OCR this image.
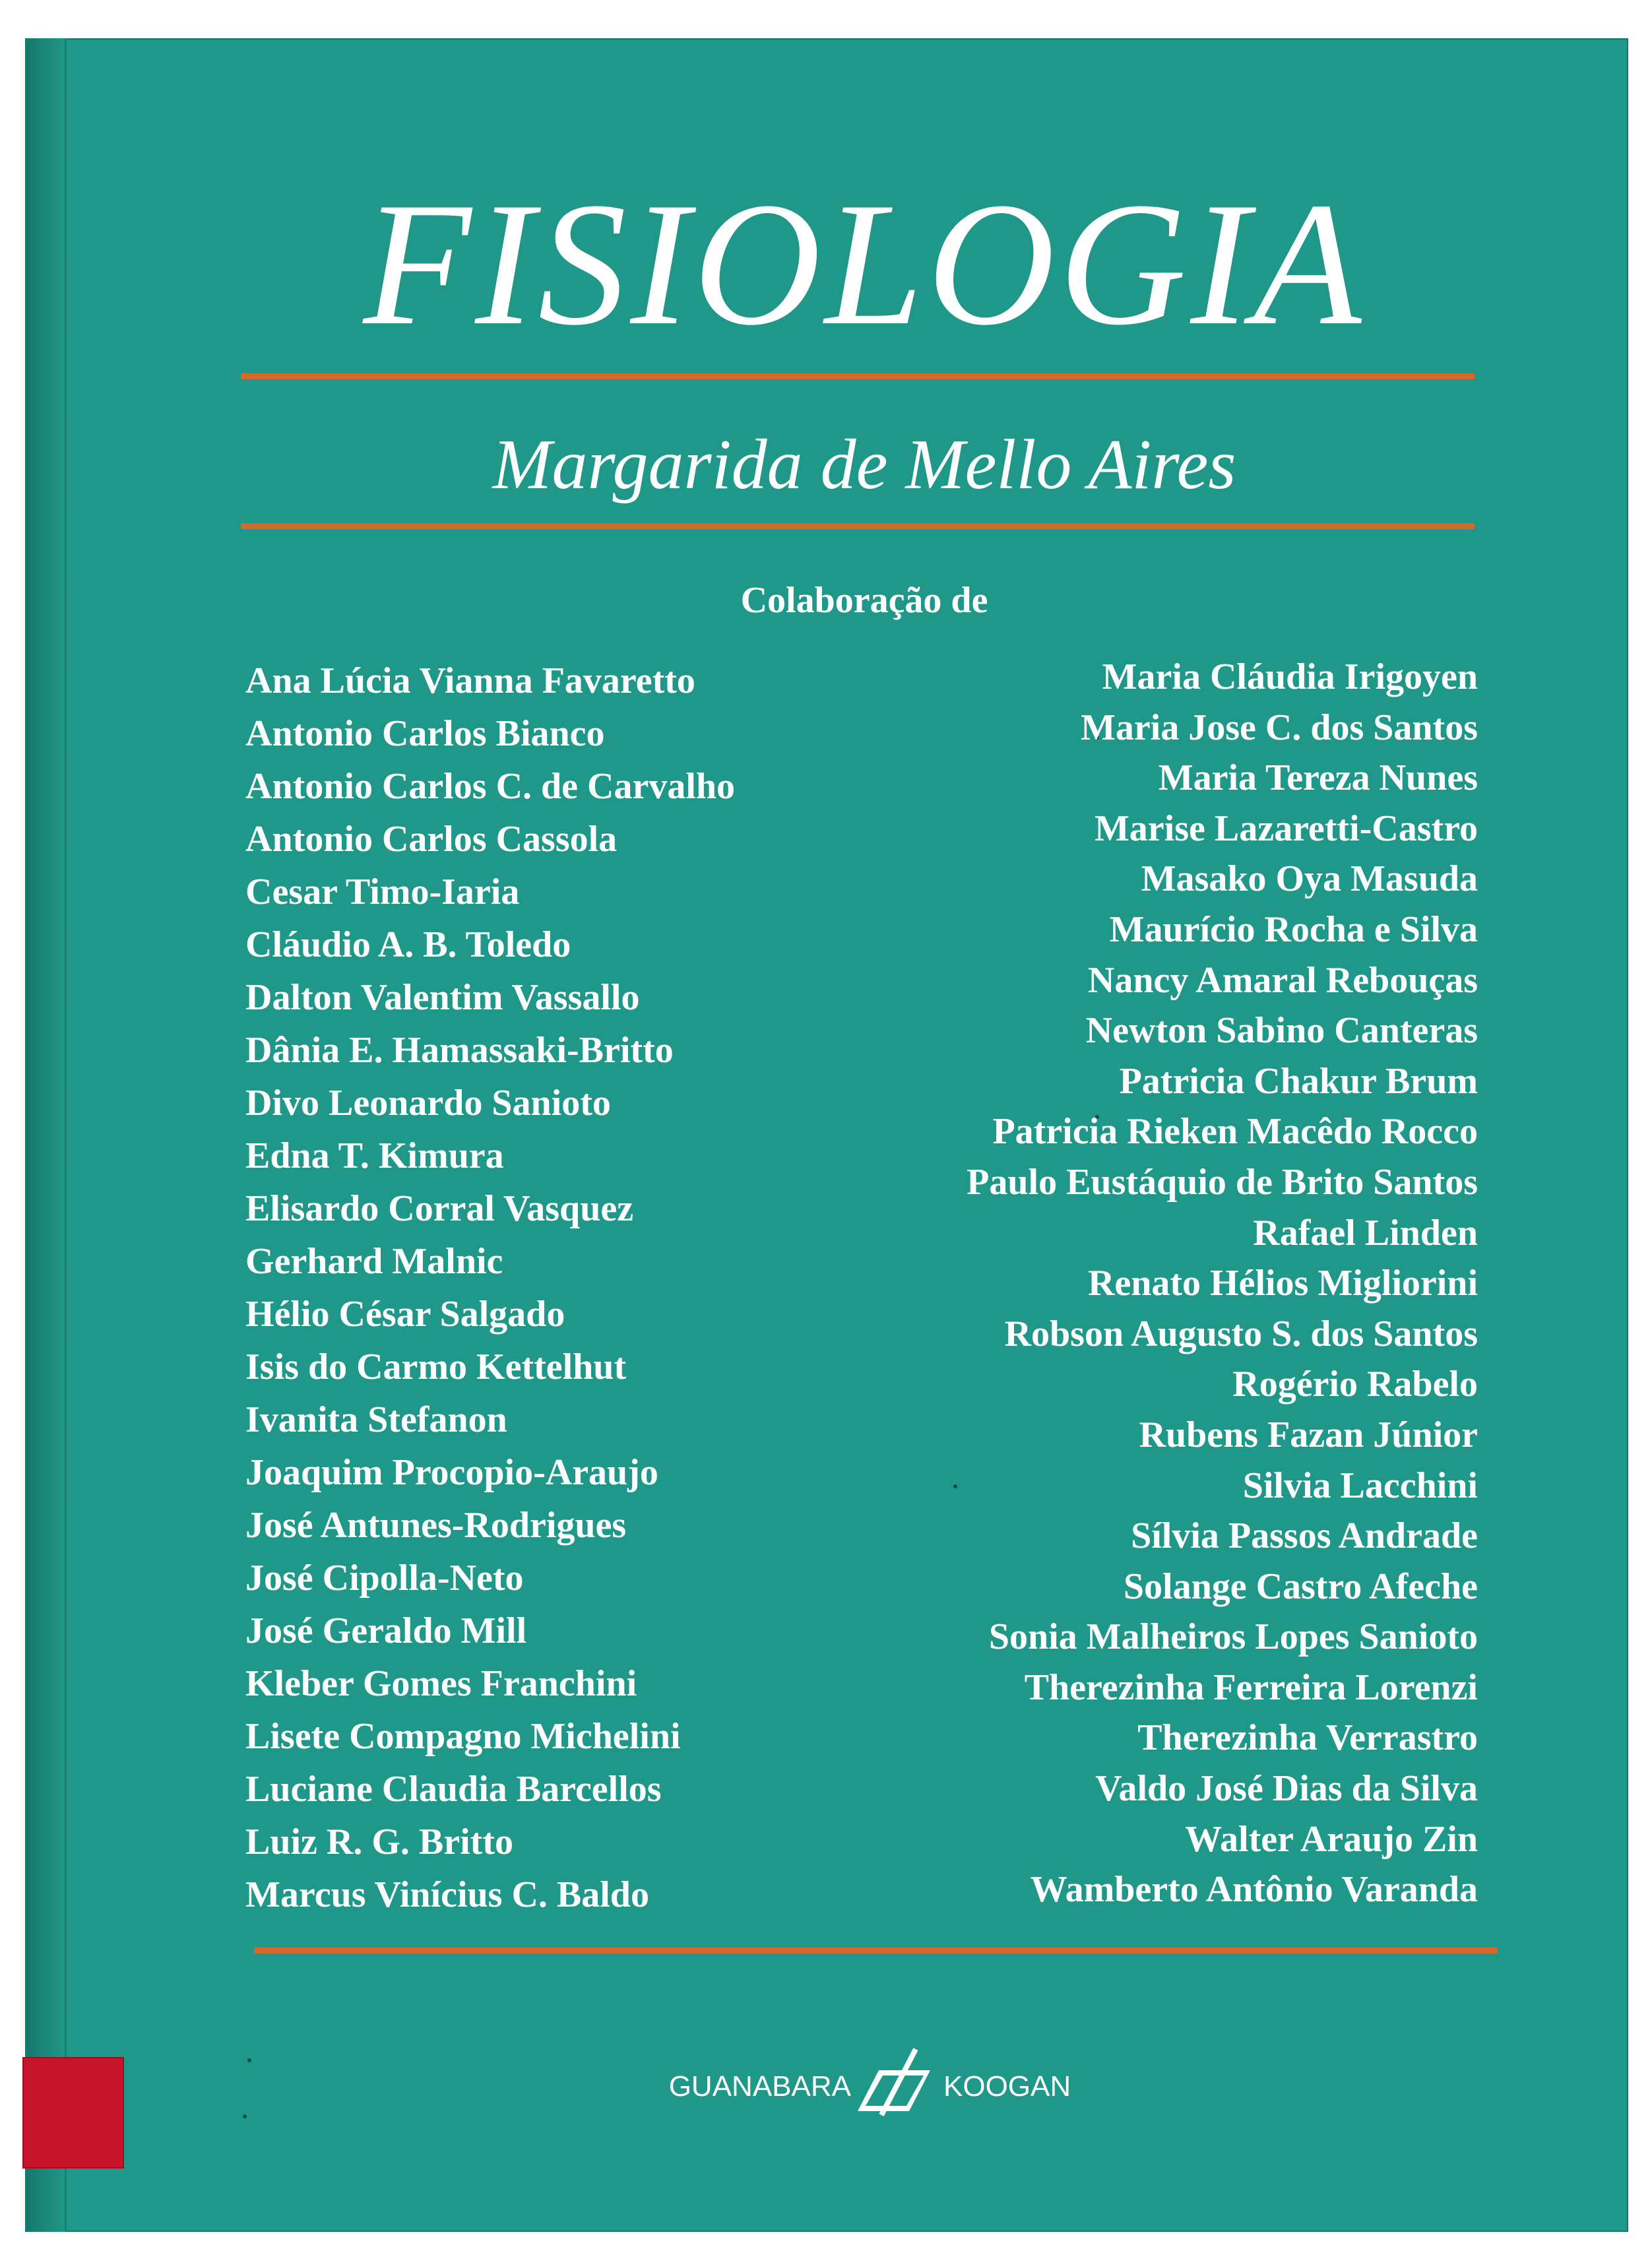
FISIOLOGIA
Margarida de Mello Aires
Colaboração de
Ana Lúcia Vianna Favaretto
Antonio Carlos Bianco
Antonio Carlos C. de Carvalho
Antonio Carlos Cassola
Cesar Timo-Iaria
Cláudio A. B. Toledo
Dalton Valentim Vassallo
Dânia E. Hamassaki-Britto
Divo Leonardo Sanioto
Edna T. Kimura
Elisardo Corral Vasquez
Gerhard Malnic
Hélio César Salgado
Isis do Carmo Kettelhut
Ivanita Stefanon
Joaquim Procopio-Araujo
José Antunes-Rodrigues
José Cipolla-Neto
José Geraldo Mill
Kleber Gomes Franchini
Lisete Compagno Michelini
Luciane Claudia Barcellos
Luiz R. G. Britto
Marcus Vinícius C. Baldo
Maria Cláudia Irigoyen
Maria Jose C. dos Santos
Maria Tereza Nunes
Marise Lazaretti-Castro
Masako Oya Masuda
Maurício Rocha e Silva
Nancy Amaral Rebouças
Newton Sabino Canteras
Patricia Chakur Brum
Patricia Rieken Macêdo Rocco
Paulo Eustáquio de Brito Santos
Rafael Linden
Renato Hélios Migliorini
Robson Augusto S. dos Santos
Rogério Rabelo
Rubens Fazan Júnior
Silvia Lacchini
Sílvia Passos Andrade
Solange Castro Afeche
Sonia Malheiros Lopes Sanioto
Therezinha Ferreira Lorenzi
Therezinha Verrastro
Valdo José Dias da Silva
Walter Araujo Zin
Wamberto Antônio Varanda
GUANABARA	KOOGAN
